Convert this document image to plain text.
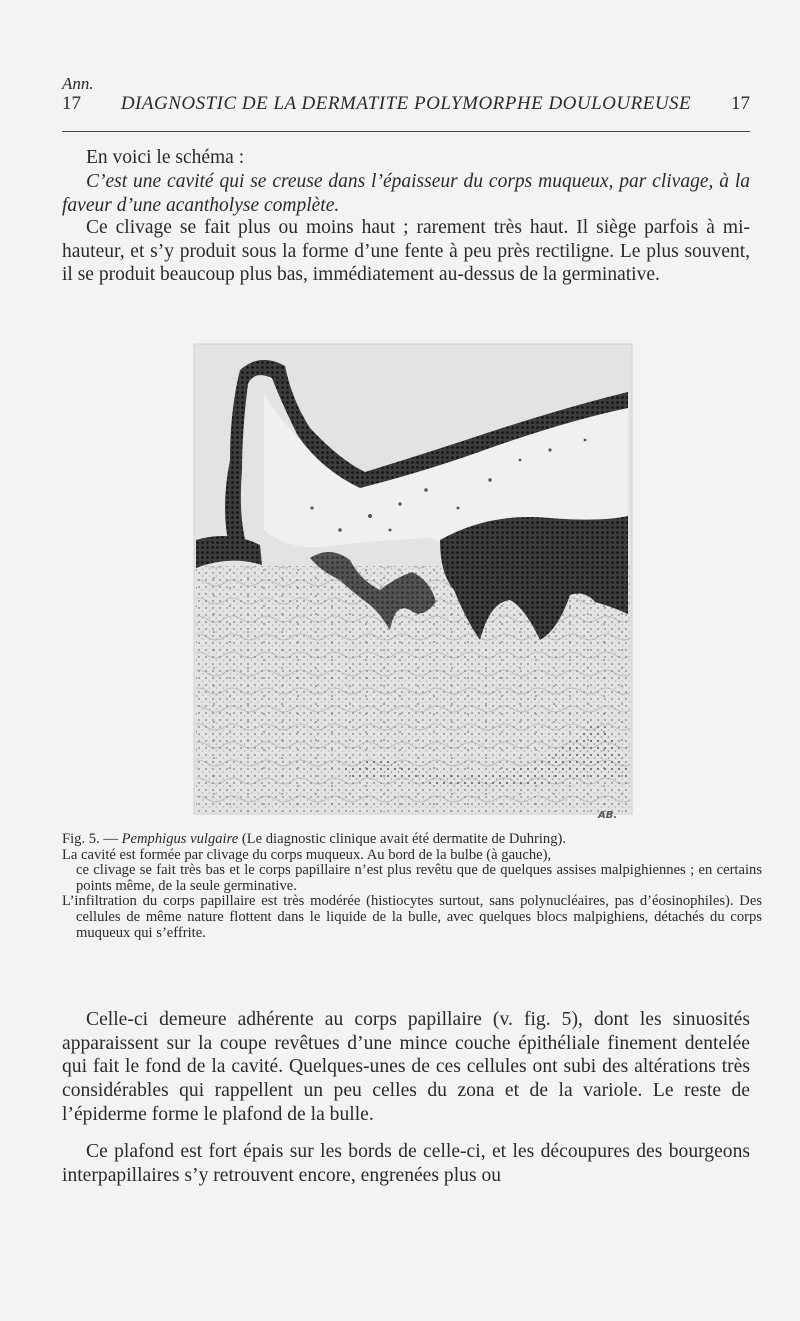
Ann.
17	DIAGNOSTIC DE LA DERMATITE POLYMORPHE DOULOUREUSE	17

En voici le schéma :

C’est une cavité qui se creuse dans l’épaisseur du corps muqueux, par clivage, à la faveur d’une acantholyse complète.

Ce clivage se fait plus ou moins haut ; rarement très haut. Il siège parfois à mi-hauteur, et s’y produit sous la forme d’une fente à peu près rectiligne. Le plus souvent, il se produit beaucoup plus bas, immédiatement au-dessus de la germinative.

AB.

Fig. 5. — Pemphigus vulgaire (Le diagnostic clinique avait été dermatite de Duhring).

La cavité est formée par clivage du corps muqueux. Au bord de la bulbe (à gauche),

ce clivage se fait très bas et le corps papillaire n’est plus revêtu que de quelques assises malpighiennes ; en certains points même, de la seule germinative.

L’infiltration du corps papillaire est très modérée (histiocytes surtout, sans polynucléaires, pas d’éosinophiles). Des cellules de même nature flottent dans le liquide de la bulle, avec quelques blocs malpighiens, détachés du corps muqueux qui s’effrite.

Celle-ci demeure adhérente au corps papillaire (v. fig. 5), dont les sinuosités apparaissent sur la coupe revêtues d’une mince couche épithéliale finement dentelée qui fait le fond de la cavité. Quelques-unes de ces cellules ont subi des altérations très considérables qui rappellent un peu celles du zona et de la variole. Le reste de l’épiderme forme le plafond de la bulle.

Ce plafond est fort épais sur les bords de celle-ci, et les découpures des bourgeons interpapillaires s’y retrouvent encore, engrenées plus ou
